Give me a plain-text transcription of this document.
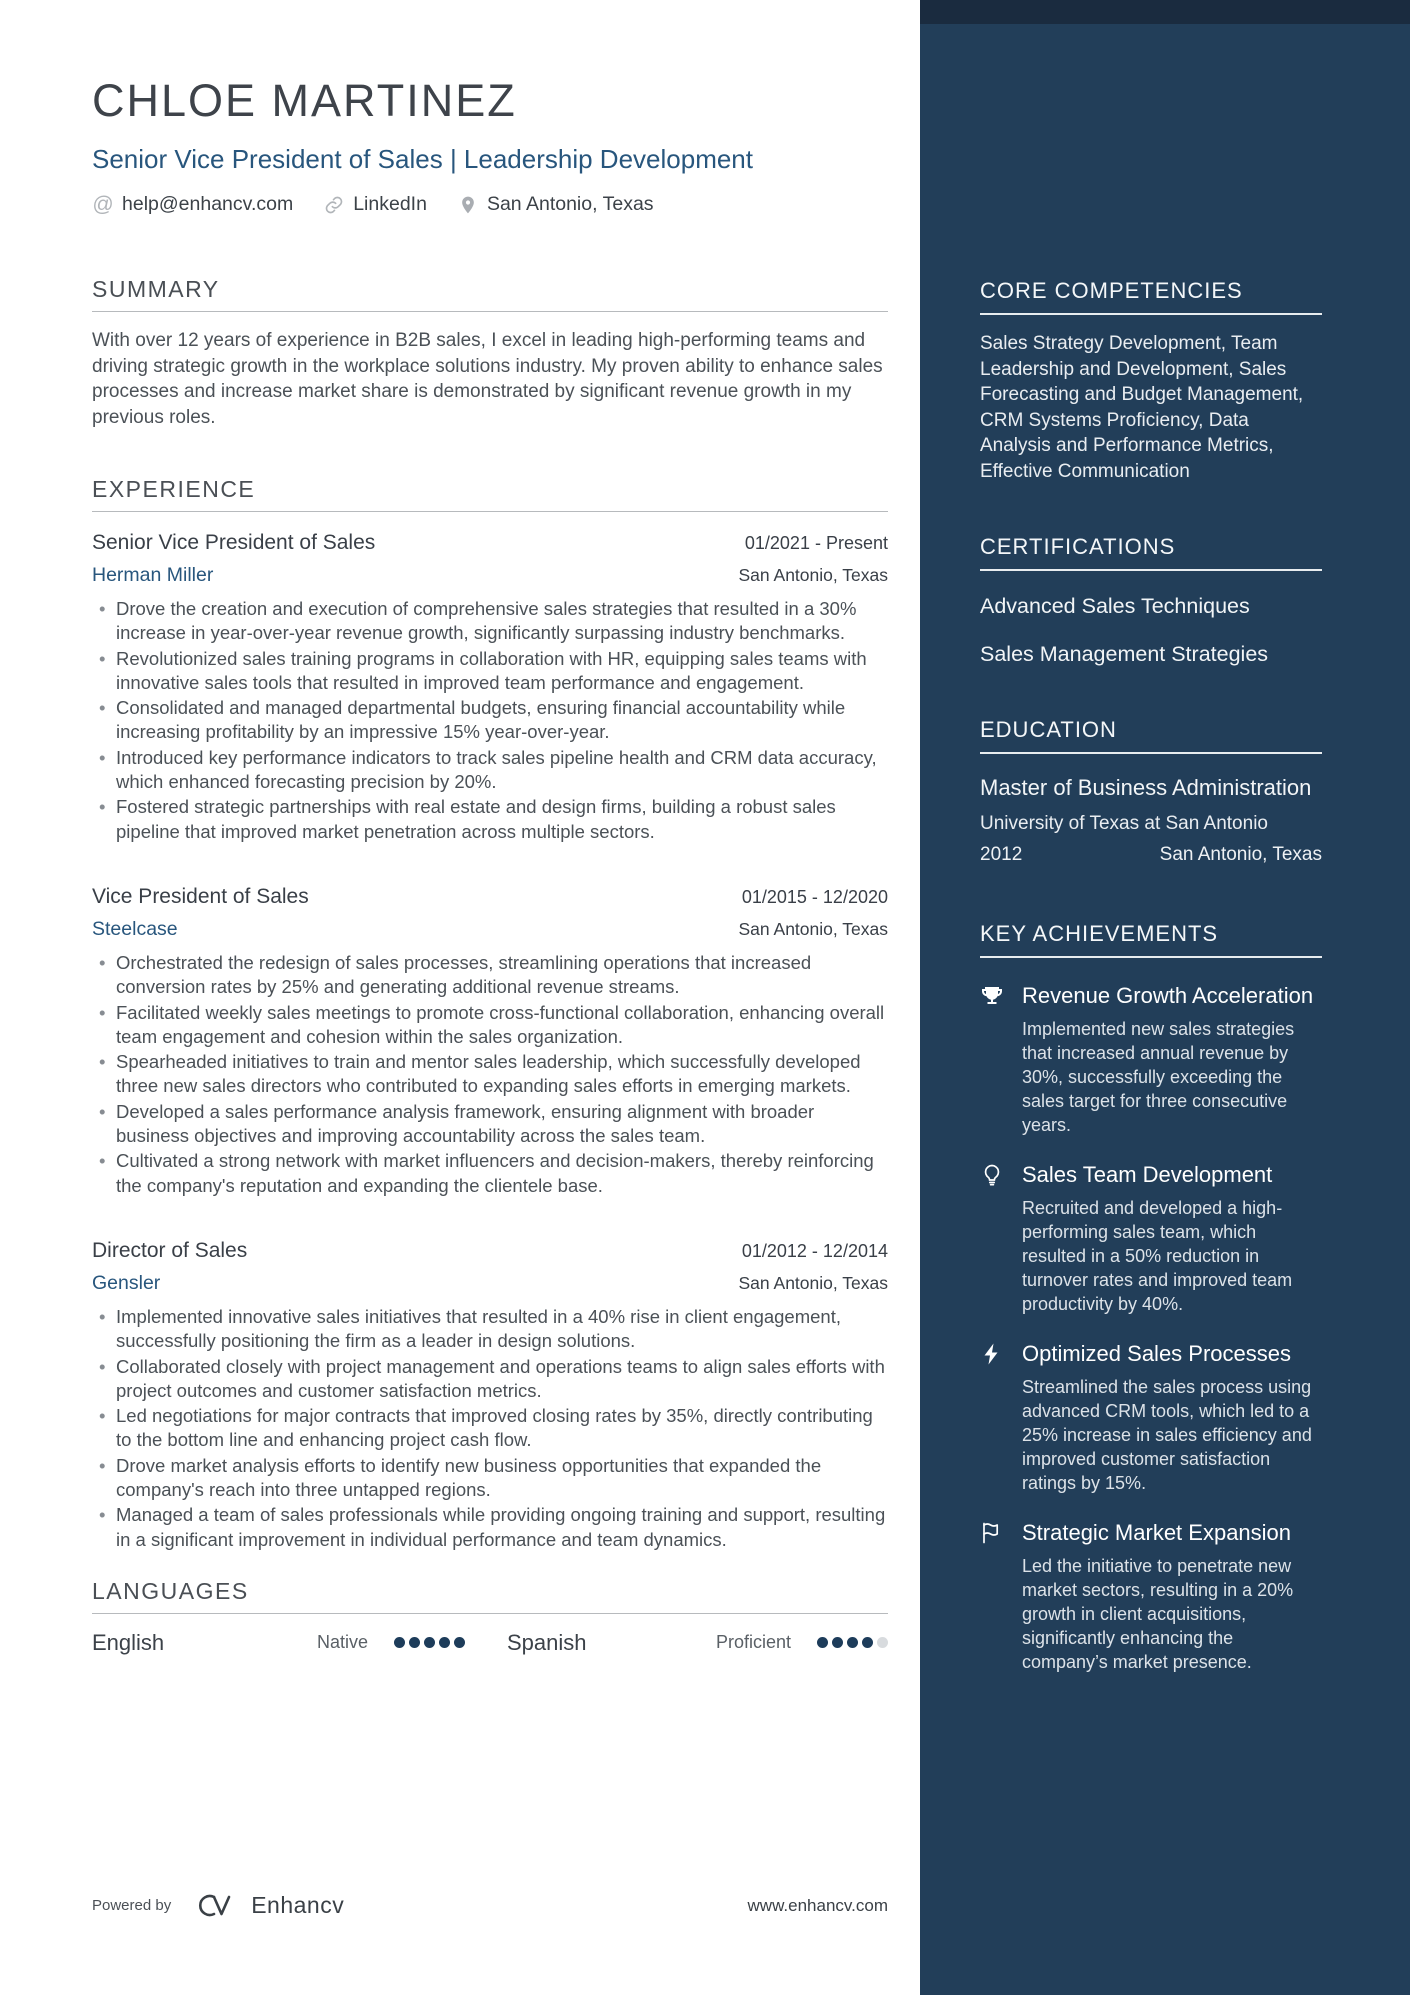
CORE COMPETENCIES
Sales Strategy Development, Team Leadership and Development, Sales Forecasting and Budget Management, CRM Systems Proficiency, Data Analysis and Performance Metrics, Effective Communication
CERTIFICATIONS
Advanced Sales Techniques
Sales Management Strategies
EDUCATION
Master of Business Administration
University of Texas at San Antonio
2012	San Antonio, Texas
KEY ACHIEVEMENTS
Revenue Growth Acceleration
Implemented new sales strategies that increased annual revenue by 30%, successfully exceeding the sales target for three consecutive years.
Sales Team Development
Recruited and developed a high-performing sales team, which resulted in a 50% reduction in turnover rates and improved team productivity by 40%.
Optimized Sales Processes
Streamlined the sales process using advanced CRM tools, which led to a 25% increase in sales efficiency and improved customer satisfaction ratings by 15%.
Strategic Market Expansion
Led the initiative to penetrate new market sectors, resulting in a 20% growth in client acquisitions, significantly enhancing the company’s market presence.
CHLOE MARTINEZ
Senior Vice President of Sales | Leadership Development
@ help@enhancv.com	LinkedIn	San Antonio, Texas
SUMMARY

With over 12 years of experience in B2B sales, I excel in leading high-performing teams and driving strategic growth in the workplace solutions industry. My proven ability to enhance sales processes and increase market share is demonstrated by significant revenue growth in my previous roles.

EXPERIENCE
Senior Vice President of Sales	01/2021 - Present
Herman Miller	San Antonio, Texas
• Drove the creation and execution of comprehensive sales strategies that resulted in a 30% increase in year-over-year revenue growth, significantly surpassing industry benchmarks.
• Revolutionized sales training programs in collaboration with HR, equipping sales teams with innovative sales tools that resulted in improved team performance and engagement.
• Consolidated and managed departmental budgets, ensuring financial accountability while increasing profitability by an impressive 15% year-over-year.
• Introduced key performance indicators to track sales pipeline health and CRM data accuracy, which enhanced forecasting precision by 20%.
• Fostered strategic partnerships with real estate and design firms, building a robust sales pipeline that improved market penetration across multiple sectors.
Vice President of Sales	01/2015 - 12/2020
Steelcase	San Antonio, Texas
• Orchestrated the redesign of sales processes, streamlining operations that increased conversion rates by 25% and generating additional revenue streams.
• Facilitated weekly sales meetings to promote cross-functional collaboration, enhancing overall team engagement and cohesion within the sales organization.
• Spearheaded initiatives to train and mentor sales leadership, which successfully developed three new sales directors who contributed to expanding sales efforts in emerging markets.
• Developed a sales performance analysis framework, ensuring alignment with broader business objectives and improving accountability across the sales team.
• Cultivated a strong network with market influencers and decision-makers, thereby reinforcing the company's reputation and expanding the clientele base.
Director of Sales	01/2012 - 12/2014
Gensler	San Antonio, Texas
• Implemented innovative sales initiatives that resulted in a 40% rise in client engagement, successfully positioning the firm as a leader in design solutions.
• Collaborated closely with project management and operations teams to align sales efforts with project outcomes and customer satisfaction metrics.
• Led negotiations for major contracts that improved closing rates by 35%, directly contributing to the bottom line and enhancing project cash flow.
• Drove market analysis efforts to identify new business opportunities that expanded the company's reach into three untapped regions.
• Managed a team of sales professionals while providing ongoing training and support, resulting in a significant improvement in individual performance and team dynamics.
LANGUAGES
English	Native	Spanish	Proficient
Powered by	Enhancv	www.enhancv.com
